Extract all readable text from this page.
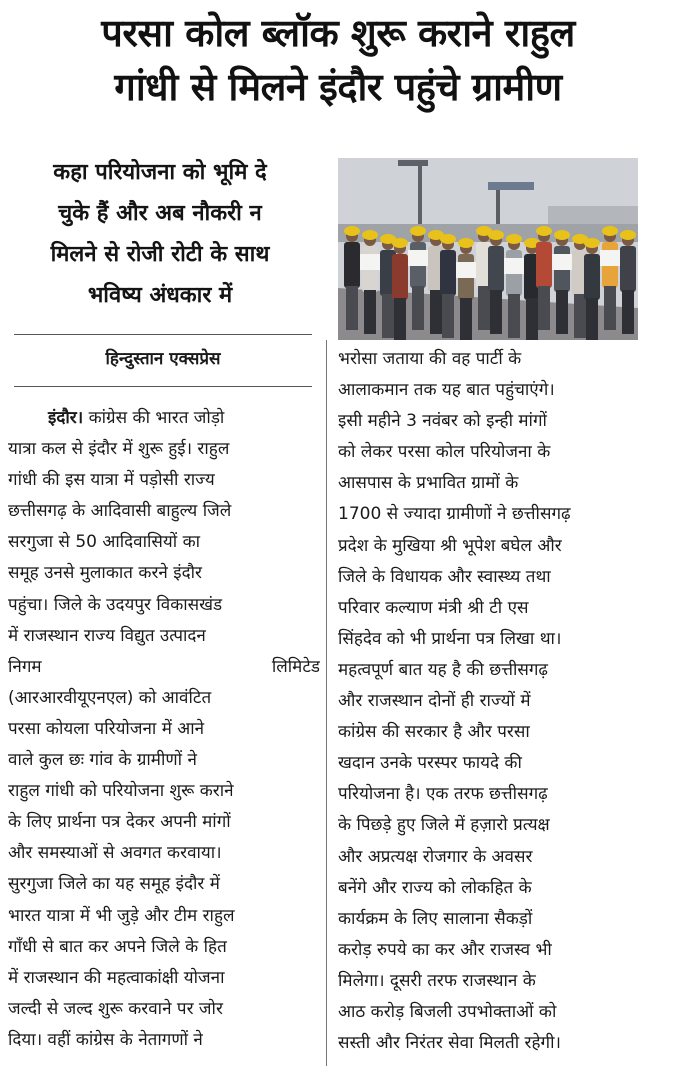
परसा कोल ब्लॉक शुरू कराने राहुल
गांधी से मिलने इंदौर पहुंचे ग्रामीण
कहा परियोजना को भूमि दे
चुके हैं और अब नौकरी न
मिलने से रोजी रोटी के साथ
भविष्य अंधकार में
हिन्दुस्तान एक्सप्रेस
इंदौर। कांग्रेस की भारत जोड़ो
यात्रा कल से इंदौर में शुरू हुई। राहुल
गांधी की इस यात्रा में पड़ोसी राज्य
छत्तीसगढ़ के आदिवासी बाहुल्य जिले
सरगुजा से 50 आदिवासियों का
समूह उनसे मुलाकात करने इंदौर
पहुंचा। जिले के उदयपुर विकासखंड
में राजस्थान राज्य विद्युत उत्पादन
निगम	लिमिटेड
(आरआरवीयूएनएल) को आवंटित
परसा कोयला परियोजना में आने
वाले कुल छः गांव के ग्रामीणों ने
राहुल गांधी को परियोजना शुरू कराने
के लिए प्रार्थना पत्र देकर अपनी मांगों
और समस्याओं से अवगत करवाया।
सुरगुजा जिले का यह समूह इंदौर में
भारत यात्रा में भी जुड़े और टीम राहुल
गाँधी से बात कर अपने जिले के हित
में राजस्थान की महत्वाकांक्षी योजना
जल्दी से जल्द शुरू करवाने पर जोर
दिया। वहीं कांग्रेस के नेतागणों ने
भरोसा जताया की वह पार्टी के
आलाकमान तक यह बात पहुंचाएंगे।
इसी महीने 3 नवंबर को इन्ही मांगों
को लेकर परसा कोल परियोजना के
आसपास के प्रभावित ग्रामों के
1700 से ज्यादा ग्रामीणों ने छत्तीसगढ़
प्रदेश के मुखिया श्री भूपेश बघेल और
जिले के विधायक और स्वास्थ्य तथा
परिवार कल्याण मंत्री श्री टी एस
सिंहदेव को भी प्रार्थना पत्र लिखा था।
महत्वपूर्ण बात यह है की छत्तीसगढ़
और राजस्थान दोनों ही राज्यों में
कांग्रेस की सरकार है और परसा
खदान उनके परस्पर फायदे की
परियोजना है। एक तरफ छत्तीसगढ़
के पिछड़े हुए जिले में हज़ारो प्रत्यक्ष
और अप्रत्यक्ष रोजगार के अवसर
बनेंगे और राज्य को लोकहित के
कार्यक्रम के लिए सालाना सैकड़ों
करोड़ रुपये का कर और राजस्व भी
मिलेगा। दूसरी तरफ राजस्थान के
आठ करोड़ बिजली उपभोक्ताओं को
सस्ती और निरंतर सेवा मिलती रहेगी।
